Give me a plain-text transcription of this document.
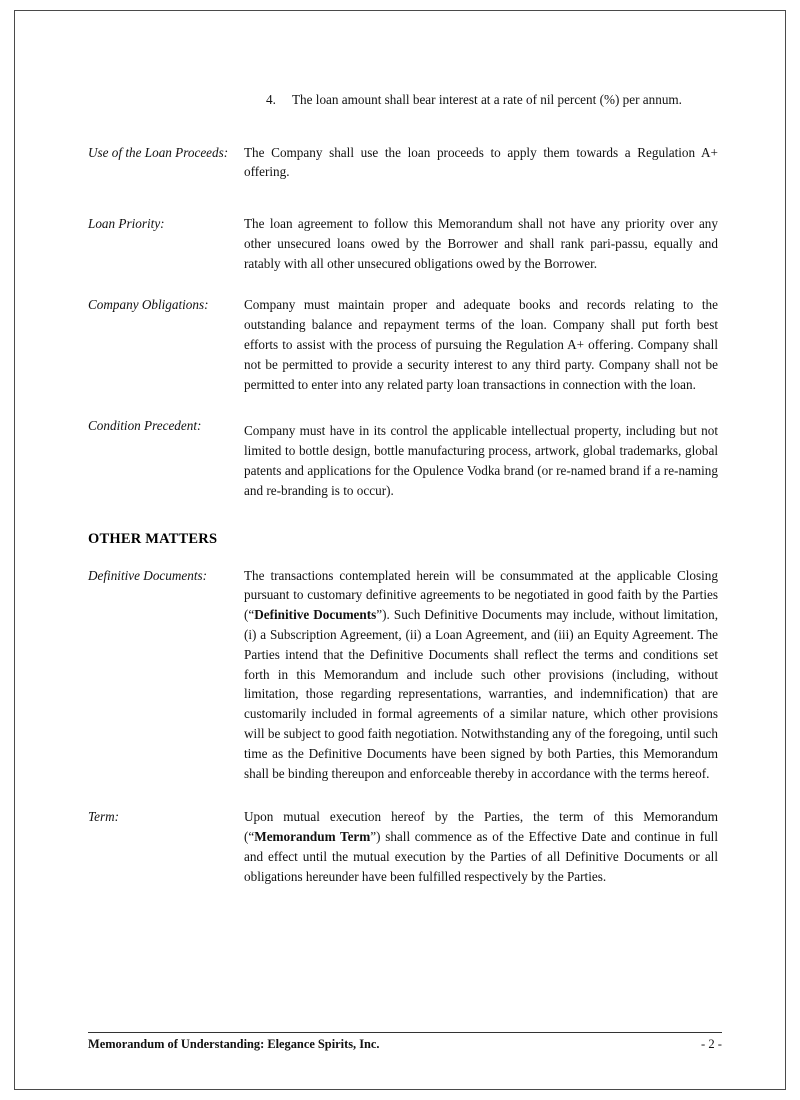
4.	The loan amount shall bear interest at a rate of nil percent (%) per annum.
Use of the Loan Proceeds:	The Company shall use the loan proceeds to apply them towards a Regulation A+ offering.
Loan Priority:	The loan agreement to follow this Memorandum shall not have any priority over any other unsecured loans owed by the Borrower and shall rank pari-passu, equally and ratably with all other unsecured obligations owed by the Borrower.
Company Obligations:	Company must maintain proper and adequate books and records relating to the outstanding balance and repayment terms of the loan. Company shall put forth best efforts to assist with the process of pursuing the Regulation A+ offering. Company shall not be permitted to provide a security interest to any third party. Company shall not be permitted to enter into any related party loan transactions in connection with the loan.
Condition Precedent:	Company must have in its control the applicable intellectual property, including but not limited to bottle design, bottle manufacturing process, artwork, global trademarks, global patents and applications for the Opulence Vodka brand (or re-named brand if a re-naming and re-branding is to occur).
OTHER MATTERS
Definitive Documents:	The transactions contemplated herein will be consummated at the applicable Closing pursuant to customary definitive agreements to be negotiated in good faith by the Parties (“Definitive Documents”). Such Definitive Documents may include, without limitation, (i) a Subscription Agreement, (ii) a Loan Agreement, and (iii) an Equity Agreement. The Parties intend that the Definitive Documents shall reflect the terms and conditions set forth in this Memorandum and include such other provisions (including, without limitation, those regarding representations, warranties, and indemnification) that are customarily included in formal agreements of a similar nature, which other provisions will be subject to good faith negotiation. Notwithstanding any of the foregoing, until such time as the Definitive Documents have been signed by both Parties, this Memorandum shall be binding thereupon and enforceable thereby in accordance with the terms hereof.
Term:	Upon mutual execution hereof by the Parties, the term of this Memorandum (“Memorandum Term”) shall commence as of the Effective Date and continue in full and effect until the mutual execution by the Parties of all Definitive Documents or all obligations hereunder have been fulfilled respectively by the Parties.
Memorandum of Understanding: Elegance Spirits, Inc.	- 2 -
